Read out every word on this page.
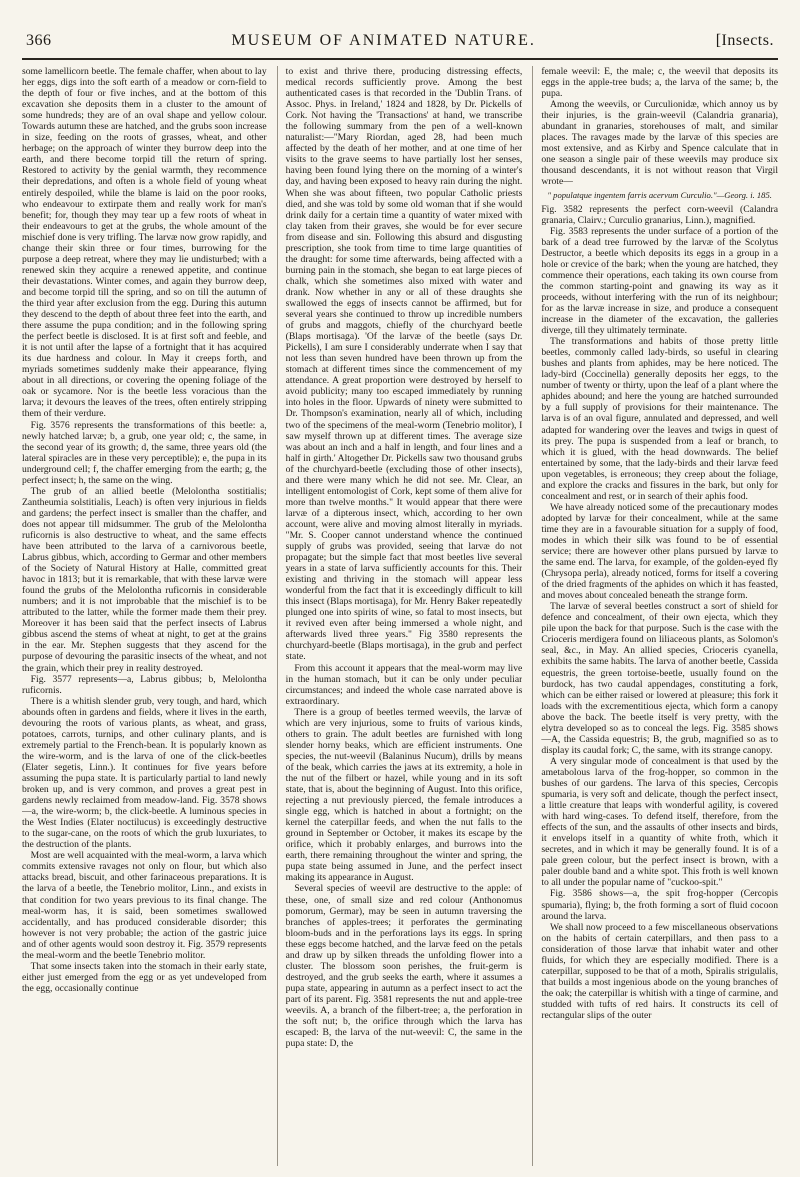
366	MUSEUM OF ANIMATED NATURE.	[Insects.

some lamellicorn beetle. The female chaffer, when about to lay her eggs, digs into the soft earth of a meadow or corn-field to the depth of four or five inches, and at the bottom of this excavation she deposits them in a cluster to the amount of some hundreds; they are of an oval shape and yellow colour. Towards autumn these are hatched, and the grubs soon increase in size, feeding on the roots of grasses, wheat, and other herbage; on the approach of winter they burrow deep into the earth, and there become torpid till the return of spring. Restored to activity by the genial warmth, they recommence their depredations, and often is a whole field of young wheat entirely despoiled, while the blame is laid on the poor rooks, who endeavour to extirpate them and really work for man's benefit; for, though they may tear up a few roots of wheat in their endeavours to get at the grubs, the whole amount of the mischief done is very trifling. The larvæ now grow rapidly, and change their skin three or four times, burrowing for the purpose a deep retreat, where they may lie undisturbed; with a renewed skin they acquire a renewed appetite, and continue their devastations. Winter comes, and again they burrow deep, and become torpid till the spring, and so on till the autumn of the third year after exclusion from the egg. During this autumn they descend to the depth of about three feet into the earth, and there assume the pupa condition; and in the following spring the perfect beetle is disclosed. It is at first soft and feeble, and it is not until after the lapse of a fortnight that it has acquired its due hardness and colour. In May it creeps forth, and myriads sometimes suddenly make their appearance, flying about in all directions, or covering the opening foliage of the oak or sycamore. Nor is the beetle less voracious than the larva; it devours the leaves of the trees, often entirely stripping them of their verdure.

Fig. 3576 represents the transformations of this beetle: a, newly hatched larvæ; b, a grub, one year old; c, the same, in the second year of its growth; d, the same, three years old (the lateral spiracles are in these very perceptible); e, the pupa in its underground cell; f, the chaffer emerging from the earth; g, the perfect insect; h, the same on the wing.

The grub of an allied beetle (Melolontha sostitialis; Zantheumia solstitialis, Leach) is often very injurious in fields and gardens; the perfect insect is smaller than the chaffer, and does not appear till midsummer. The grub of the Melolontha ruficornis is also destructive to wheat, and the same effects have been attributed to the larva of a carnivorous beetle, Labrus gibbus, which, according to Germar and other members of the Society of Natural History at Halle, committed great havoc in 1813; but it is remarkable, that with these larvæ were found the grubs of the Melolontha ruficornis in considerable numbers; and it is not improbable that the mischief is to be attributed to the latter, while the former made them their prey. Moreover it has been said that the perfect insects of Labrus gibbus ascend the stems of wheat at night, to get at the grains in the ear. Mr. Stephen suggests that they ascend for the purpose of devouring the parasitic insects of the wheat, and not the grain, which their prey in reality destroyed.

Fig. 3577 represents—a, Labrus gibbus; b, Melolontha ruficornis.

There is a whitish slender grub, very tough, and hard, which abounds often in gardens and fields, where it lives in the earth, devouring the roots of various plants, as wheat, and grass, potatoes, carrots, turnips, and other culinary plants, and is extremely partial to the French-bean. It is popularly known as the wire-worm, and is the larva of one of the click-beetles (Elater segetis, Linn.). It continues for five years before assuming the pupa state. It is particularly partial to land newly broken up, and is very common, and proves a great pest in gardens newly reclaimed from meadow-land. Fig. 3578 shows—a, the wire-worm; b, the click-beetle. A luminous species in the West Indies (Elater noctilucus) is exceedingly destructive to the sugar-cane, on the roots of which the grub luxuriates, to the destruction of the plants.

Most are well acquainted with the meal-worm, a larva which commits extensive ravages not only on flour, but which also attacks bread, biscuit, and other farinaceous preparations. It is the larva of a beetle, the Tenebrio molitor, Linn., and exists in that condition for two years previous to its final change. The meal-worm has, it is said, been sometimes swallowed accidentally, and has produced considerable disorder; this however is not very probable; the action of the gastric juice and of other agents would soon destroy it. Fig. 3579 represents the meal-worm and the beetle Tenebrio molitor.

That some insects taken into the stomach in their early state, either just emerged from the egg or as yet undeveloped from the egg, occasionally continue

to exist and thrive there, producing distressing effects, medical records sufficiently prove. Among the best authenticated cases is that recorded in the 'Dublin Trans. of Assoc. Phys. in Ireland,' 1824 and 1828, by Dr. Pickells of Cork. Not having the 'Transactions' at hand, we transcribe the following summary from the pen of a well-known naturalist:—"Mary Riordan, aged 28, had been much affected by the death of her mother, and at one time of her visits to the grave seems to have partially lost her senses, having been found lying there on the morning of a winter's day, and having been exposed to heavy rain during the night. When she was about fifteen, two popular Catholic priests died, and she was told by some old woman that if she would drink daily for a certain time a quantity of water mixed with clay taken from their graves, she would be for ever secure from disease and sin. Following this absurd and disgusting prescription, she took from time to time large quantities of the draught: for some time afterwards, being affected with a burning pain in the stomach, she began to eat large pieces of chalk, which she sometimes also mixed with water and drank. Now whether in any or all of these draughts she swallowed the eggs of insects cannot be affirmed, but for several years she continued to throw up incredible numbers of grubs and maggots, chiefly of the churchyard beetle (Blaps mortisaga). 'Of the larvæ of the beetle (says Dr. Pickells), I am sure I considerably underrate when I say that not less than seven hundred have been thrown up from the stomach at different times since the commencement of my attendance. A great proportion were destroyed by herself to avoid publicity; many too escaped immediately by running into holes in the floor. Upwards of ninety were submitted to Dr. Thompson's examination, nearly all of which, including two of the specimens of the meal-worm (Tenebrio molitor), I saw myself thrown up at different times. The average size was about an inch and a half in length, and four lines and a half in girth.' Altogether Dr. Pickells saw two thousand grubs of the churchyard-beetle (excluding those of other insects), and there were many which he did not see. Mr. Clear, an intelligent entomologist of Cork, kept some of them alive for more than twelve months." It would appear that there were larvæ of a dipterous insect, which, according to her own account, were alive and moving almost literally in myriads. "Mr. S. Cooper cannot understand whence the continued supply of grubs was provided, seeing that larvæ do not propagate; but the simple fact that most beetles live several years in a state of larva sufficiently accounts for this. Their existing and thriving in the stomach will appear less wonderful from the fact that it is exceedingly difficult to kill this insect (Blaps mortisaga), for Mr. Henry Baker repeatedly plunged one into spirits of wine, so fatal to most insects, but it revived even after being immersed a whole night, and afterwards lived three years." Fig 3580 represents the churchyard-beetle (Blaps mortisaga), in the grub and perfect state.

From this account it appears that the meal-worm may live in the human stomach, but it can be only under peculiar circumstances; and indeed the whole case narrated above is extraordinary.

There is a group of beetles termed weevils, the larvæ of which are very injurious, some to fruits of various kinds, others to grain. The adult beetles are furnished with long slender horny beaks, which are efficient instruments. One species, the nut-weevil (Balaninus Nucum), drills by means of the beak, which carries the jaws at its extremity, a hole in the nut of the filbert or hazel, while young and in its soft state, that is, about the beginning of August. Into this orifice, rejecting a nut previously pierced, the female introduces a single egg, which is hatched in about a fortnight; on the kernel the caterpillar feeds, and when the nut falls to the ground in September or October, it makes its escape by the orifice, which it probably enlarges, and burrows into the earth, there remaining throughout the winter and spring, the pupa state being assumed in June, and the perfect insect making its appearance in August.

Several species of weevil are destructive to the apple: of these, one, of small size and red colour (Anthonomus pomorum, Germar), may be seen in autumn traversing the branches of apples-trees; it perforates the germinating bloom-buds and in the perforations lays its eggs. In spring these eggs become hatched, and the larvæ feed on the petals and draw up by silken threads the unfolding flower into a cluster. The blossom soon perishes, the fruit-germ is destroyed, and the grub seeks the earth, where it assumes a pupa state, appearing in autumn as a perfect insect to act the part of its parent. Fig. 3581 represents the nut and apple-tree weevils. A, a branch of the filbert-tree; a, the perforation in the soft nut; b, the orifice through which the larva has escaped: B, the larva of the nut-weevil: C, the same in the pupa state: D, the

female weevil: E, the male; c, the weevil that deposits its eggs in the apple-tree buds; a, the larva of the same; b, the pupa.

Among the weevils, or Curculionidæ, which annoy us by their injuries, is the grain-weevil (Calandria granaria), abundant in granaries, storehouses of malt, and similar places. The ravages made by the larvæ of this species are most extensive, and as Kirby and Spence calculate that in one season a single pair of these weevils may produce six thousand descendants, it is not without reason that Virgil wrote—

" populatque ingentem farris acervum Curculio."—Georg. i. 185.

Fig. 3582 represents the perfect corn-weevil (Calandra granaria, Clairv.; Curculio granarius, Linn.), magnified.

Fig. 3583 represents the under surface of a portion of the bark of a dead tree furrowed by the larvæ of the Scolytus Destructor, a beetle which deposits its eggs in a group in a hole or crevice of the bark; when the young are hatched, they commence their operations, each taking its own course from the common starting-point and gnawing its way as it proceeds, without interfering with the run of its neighbour; for as the larvæ increase in size, and produce a consequent increase in the diameter of the excavation, the galleries diverge, till they ultimately terminate.

The transformations and habits of those pretty little beetles, commonly called lady-birds, so useful in clearing bushes and plants from aphides, may be here noticed. The lady-bird (Coccinella) generally deposits her eggs, to the number of twenty or thirty, upon the leaf of a plant where the aphides abound; and here the young are hatched surrounded by a full supply of provisions for their maintenance. The larva is of an oval figure, annulated and depressed, and well adapted for wandering over the leaves and twigs in quest of its prey. The pupa is suspended from a leaf or branch, to which it is glued, with the head downwards. The belief entertained by some, that the lady-birds and their larvæ feed upon vegetables, is erroneous; they creep about the foliage, and explore the cracks and fissures in the bark, but only for concealment and rest, or in search of their aphis food.

We have already noticed some of the precautionary modes adopted by larvæ for their concealment, while at the same time they are in a favourable situation for a supply of food, modes in which their silk was found to be of essential service; there are however other plans pursued by larvæ to the same end. The larva, for example, of the golden-eyed fly (Chrysopa perla), already noticed, forms for itself a covering of the dried fragments of the aphides on which it has feasted, and moves about concealed beneath the strange form.

The larvæ of several beetles construct a sort of shield for defence and concealment, of their own ejecta, which they pile upon the back for that purpose. Such is the case with the Crioceris merdigera found on liliaceous plants, as Solomon's seal, &c., in May. An allied species, Crioceris cyanella, exhibits the same habits. The larva of another beetle, Cassida equestris, the green tortoise-beetle, usually found on the burdock, has two caudal appendages, constituting a fork, which can be either raised or lowered at pleasure; this fork it loads with the excrementitious ejecta, which form a canopy above the back. The beetle itself is very pretty, with the elytra developed so as to conceal the legs. Fig. 3585 shows—A, the Cassida equestris; B, the grub, magnified so as to display its caudal fork; C, the same, with its strange canopy.

A very singular mode of concealment is that used by the ametabolous larva of the frog-hopper, so common in the bushes of our gardens. The larva of this species, Cercopis spumaria, is very soft and delicate, though the perfect insect, a little creature that leaps with wonderful agility, is covered with hard wing-cases. To defend itself, therefore, from the effects of the sun, and the assaults of other insects and birds, it envelops itself in a quantity of white froth, which it secretes, and in which it may be generally found. It is of a pale green colour, but the perfect insect is brown, with a paler double band and a white spot. This froth is well known to all under the popular name of "cuckoo-spit."

Fig. 3586 shows—a, the spit frog-hopper (Cercopis spumaria), flying; b, the froth forming a sort of fluid cocoon around the larva.

We shall now proceed to a few miscellaneous observations on the habits of certain caterpillars, and then pass to a consideration of those larvæ that inhabit water and other fluids, for which they are especially modified. There is a caterpillar, supposed to be that of a moth, Spiralis strigulalis, that builds a most ingenious abode on the young branches of the oak; the caterpillar is whitish with a tinge of carmine, and studded with tufts of red hairs. It constructs its cell of rectangular slips of the outer
